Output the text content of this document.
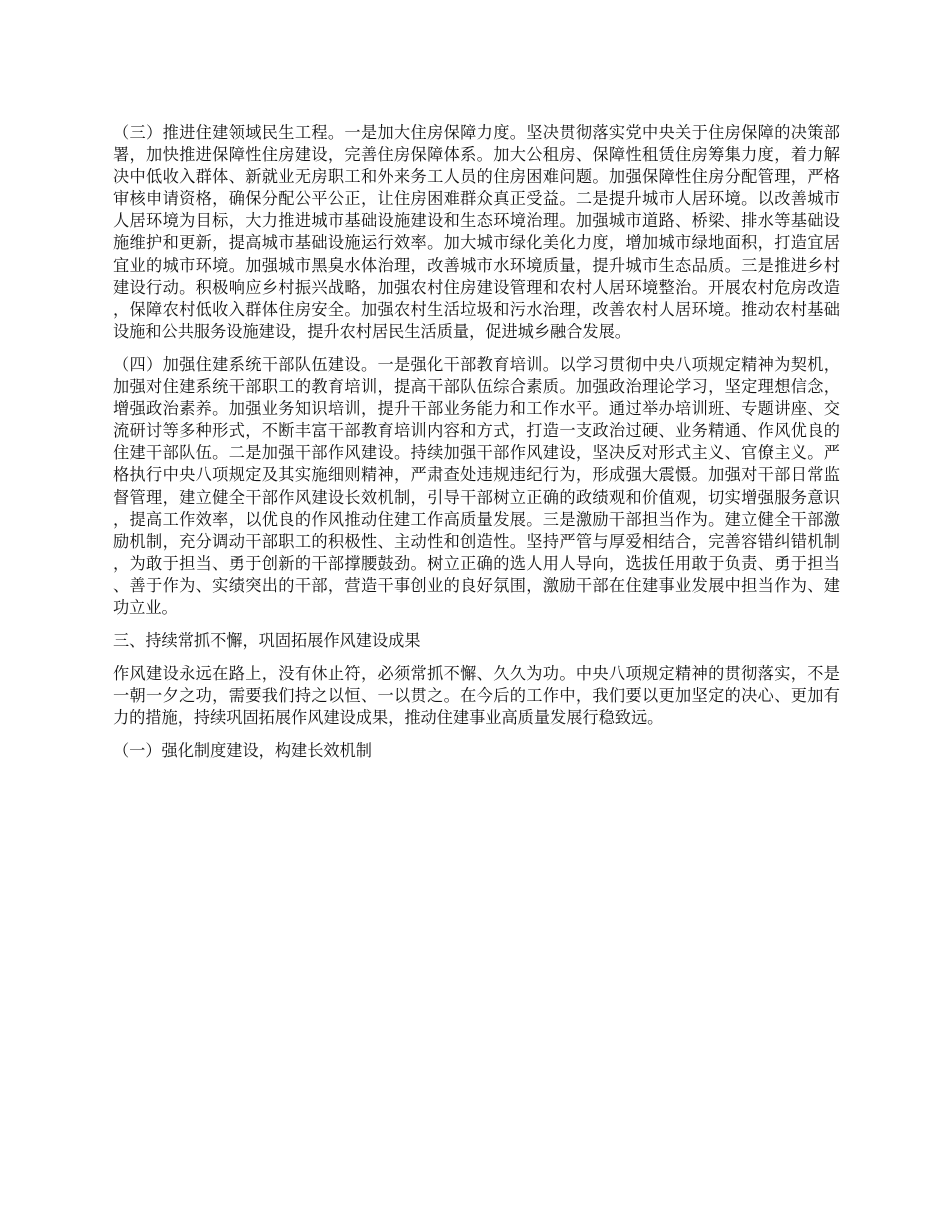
（三）推进住建领域民生工程。一是加大住房保障力度。坚决贯彻落实党中央关于住房保障的决策部署，加快推进保障性住房建设，完善住房保障体系。加大公租房、保障性租赁住房筹集力度，着力解决中低收入群体、新就业无房职工和外来务工人员的住房困难问题。加强保障性住房分配管理，严格审核申请资格，确保分配公平公正，让住房困难群众真正受益。二是提升城市人居环境。以改善城市人居环境为目标，大力推进城市基础设施建设和生态环境治理。加强城市道路、桥梁、排水等基础设施维护和更新，提高城市基础设施运行效率。加大城市绿化美化力度，增加城市绿地面积，打造宜居宜业的城市环境。加强城市黑臭水体治理，改善城市水环境质量，提升城市生态品质。三是推进乡村建设行动。积极响应乡村振兴战略，加强农村住房建设管理和农村人居环境整治。开展农村危房改造，保障农村低收入群体住房安全。加强农村生活垃圾和污水治理，改善农村人居环境。推动农村基础设施和公共服务设施建设，提升农村居民生活质量，促进城乡融合发展。

（四）加强住建系统干部队伍建设。一是强化干部教育培训。以学习贯彻中央八项规定精神为契机，加强对住建系统干部职工的教育培训，提高干部队伍综合素质。加强政治理论学习，坚定理想信念，增强政治素养。加强业务知识培训，提升干部业务能力和工作水平。通过举办培训班、专题讲座、交流研讨等多种形式，不断丰富干部教育培训内容和方式，打造一支政治过硬、业务精通、作风优良的住建干部队伍。二是加强干部作风建设。持续加强干部作风建设，坚决反对形式主义、官僚主义。严格执行中央八项规定及其实施细则精神，严肃查处违规违纪行为，形成强大震慑。加强对干部日常监督管理，建立健全干部作风建设长效机制，引导干部树立正确的政绩观和价值观，切实增强服务意识，提高工作效率，以优良的作风推动住建工作高质量发展。三是激励干部担当作为。建立健全干部激励机制，充分调动干部职工的积极性、主动性和创造性。坚持严管与厚爱相结合，完善容错纠错机制，为敢于担当、勇于创新的干部撑腰鼓劲。树立正确的选人用人导向，选拔任用敢于负责、勇于担当、善于作为、实绩突出的干部，营造干事创业的良好氛围，激励干部在住建事业发展中担当作为、建功立业。

三、持续常抓不懈，巩固拓展作风建设成果

作风建设永远在路上，没有休止符，必须常抓不懈、久久为功。中央八项规定精神的贯彻落实，不是一朝一夕之功，需要我们持之以恒、一以贯之。在今后的工作中，我们要以更加坚定的决心、更加有力的措施，持续巩固拓展作风建设成果，推动住建事业高质量发展行稳致远。

（一）强化制度建设，构建长效机制
